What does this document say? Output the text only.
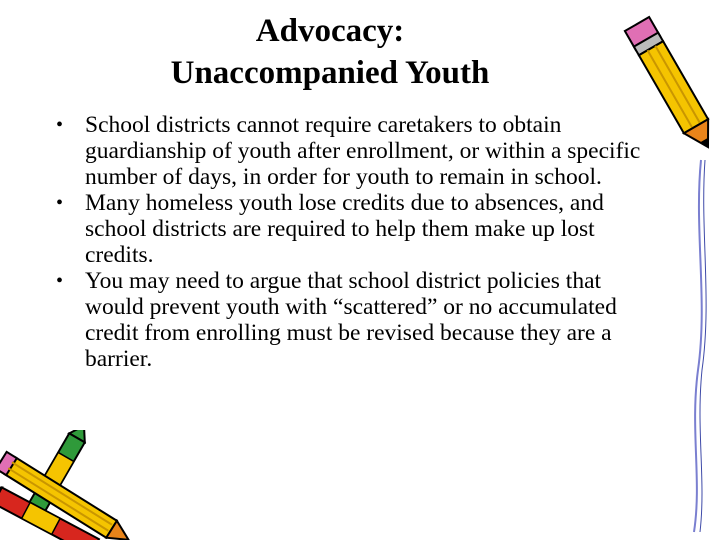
Advocacy:
Unaccompanied Youth
• School districts cannot require caretakers to obtain guardianship of youth after enrollment, or within a specific number of days, in order for youth to remain in school.
• Many homeless youth lose credits due to absences, and school districts are required to help them make up lost credits.
• You may need to argue that school district policies that would prevent youth with “scattered” or no accumulated credit from enrolling must be revised because they are a barrier.
